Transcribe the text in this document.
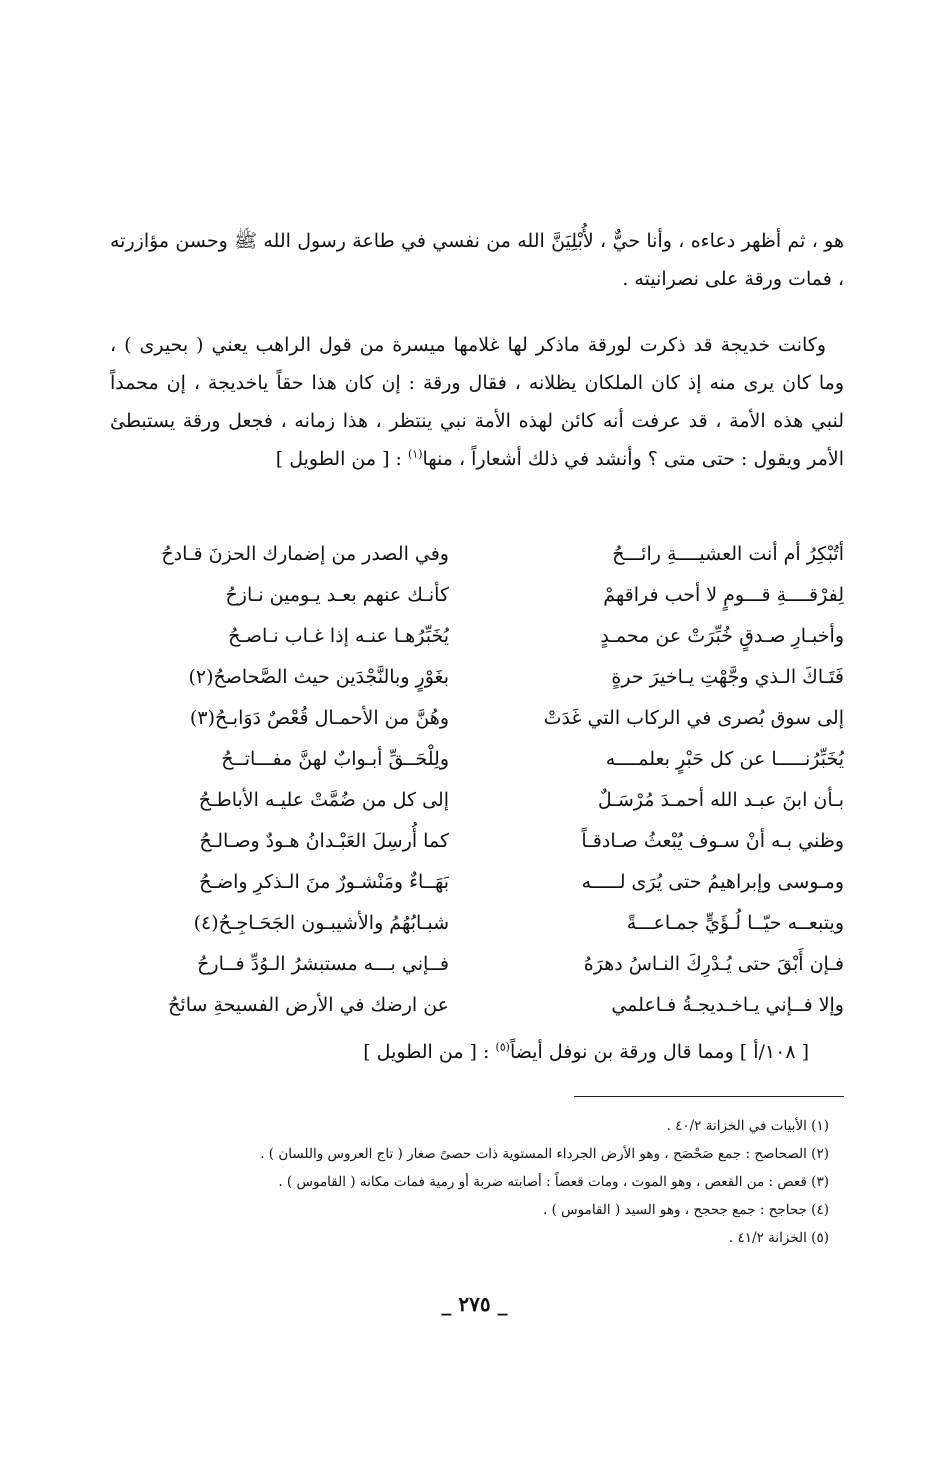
هو ، ثم أظهر دعاءه ، وأنا حيٌّ ، لأُبْلِيَنَّ الله من نفسي في طاعة رسول الله ﷺ وحسن مؤازرته ، فمات ورقة على نصرانيته .

وكانت خديجة قد ذكرت لورقة ماذكر لها غلامها ميسرة من قول الراهب يعني ( بحيرى ) ، وما كان يرى منه إذ كان الملكان يظلانه ، فقال ورقة : إن كان هذا حقاً ياخديجة ، إن محمداً لنبي هذه الأمة ، قد عرفت أنه كائن لهذه الأمة نبي ينتظر ، هذا زمانه ، فجعل ورقة يستبطئ الأمر ويقول : حتى متى ؟ وأنشد في ذلك أشعاراً ، منها$^{(١)}$ : [ من الطويل ]

أتُبْكِرُ أم أنت العشيــــةِ رائـــحُ
وفي الصدر من إضمارك الحزنَ قـادحُ
لِفرْقــــةِ قـــومٍ لا أحب فراقهمْ
كأنـك عنهم بعـد يـومين نـازحُ
وأخبـارِ صـدقٍ خُبِّرَتْ عن محمـدٍ
يُخَبِّرُهـا عنـه إذا غـاب نـاصـحُ
فَتَـاكَ الـذي وجَّهْتِ يـاخيرَ حرةٍ
بغَوْرٍ وبالنَّجْدَين حيث الصَّحاصحُ(٢)
إلى سوق بُصرى في الركاب التي غَدَتْ
وهُنَّ من الأحمـال قُعْصٌ دَوَابـحُ(٣)
يُخَبِّرُنـــــا عن كل حَبْرٍ بعلمــــه
ولِلْحَــقِّ أبـوابٌ لهنَّ مفـــاتــحُ
بـأن ابنَ عبـد الله أحمـدَ مُرْسَـلٌ
إلى كل من ضُمَّتْ عليـه الأباطـحُ
وظني بـه أنْ سـوف يُبْعثُ صـادقـاً
كما أُرسِلَ العَبْـدانُ هـودٌ وصـالـحُ
ومـوسى وإبراهيمُ حتى يُرَى لـــــه
بَهَــاءٌ ومَنْشـورٌ منَ الـذكرِ واضـحُ
ويتبعــه حيّــا لُـؤَيٍّ جمـاعـــةً
شبـابُهُمُ والأشيبـون الجَحَـاجِـحُ(٤)
فـإن أَبْقَ حتى يُـدْرِكَ النـاسُ دهرَهُ
فــإني بـــه مستبشرُ الـوُدِّ فــارحُ
وإلا فــإني يـاخـديجـةُ فـاعلمي
عن ارضك في الأرض الفسيحةِ سائحُ
[ ١٠٨/أ ] ومما قال ورقة بن نوفل أيضاً$^{(٥)}$ : [ من الطويل ]
(١) الأبيات في الخزانة ٤٠/٢ .
(٢) الصحاصح : جمع صَحْصَح ، وهو الأرض الجرداء المستوية ذات حصىً صغار ( تاج العروس واللسان ) .
(٣) قعص : من القعص ، وهو الموت ، ومات قعصاً : أصابته ضربة أو رمية فمات مكانه ( القاموس ) .
(٤) جحاجح : جمع جحجح ، وهو السيد ( القاموس ) .
(٥) الخزانة ٤١/٢ .
_ ٢٧٥ _
